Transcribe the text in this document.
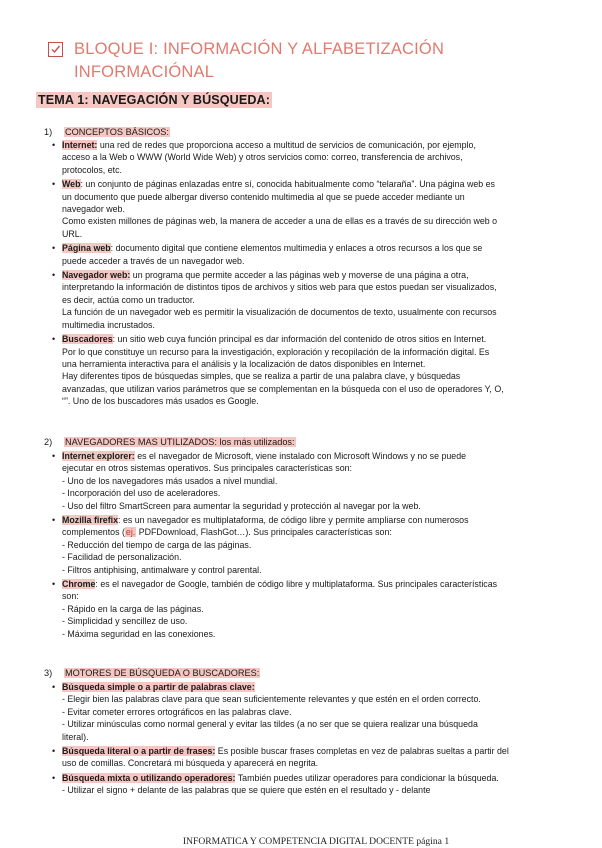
BLOQUE I: INFORMACIÓN Y ALFABETIZACIÓN
INFORMACIÓNAL
TEMA 1: NAVEGACIÓN Y BÚSQUEDA:
1)	CONCEPTOS BÁSICOS:
• Internet: una red de redes que proporciona acceso a multitud de servicios de comunicación, por ejemplo,
acceso a la Web o WWW (World Wide Web) y otros servicios como: correo, transferencia de archivos,
protocolos, etc.
• Web: un conjunto de páginas enlazadas entre sí, conocida habitualmente como “telaraña”. Una página web es
un documento que puede albergar diverso contenido multimedia al que se puede acceder mediante un
navegador web.
Como existen millones de páginas web, la manera de acceder a una de ellas es a través de su dirección web o
URL.
• Página web: documento digital que contiene elementos multimedia y enlaces a otros recursos a los que se
puede acceder a través de un navegador web.
• Navegador web: un programa que permite acceder a las páginas web y moverse de una página a otra,
interpretando la información de distintos tipos de archivos y sitios web para que estos puedan ser visualizados,
es decir, actúa como un traductor.
La función de un navegador web es permitir la visualización de documentos de texto, usualmente con recursos
multimedia incrustados.
• Buscadores: un sitio web cuya función principal es dar información del contenido de otros sitios en Internet.
Por lo que constituye un recurso para la investigación, exploración y recopilación de la información digital. Es
una herramienta interactiva para el análisis y la localización de datos disponibles en Internet.
Hay diferentes tipos de búsquedas simples, que se realiza a partir de una palabra clave, y búsquedas
avanzadas, que utilizan varios parámetros que se complementan en la búsqueda con el uso de operadores Y, O,
“”. Uno de los buscadores más usados es Google.
2)	NAVEGADORES MAS UTILIZADOS: los más utilizados:
• Internet explorer: es el navegador de Microsoft, viene instalado con Microsoft Windows y no se puede
ejecutar en otros sistemas operativos. Sus principales características son:
- Uno de los navegadores más usados a nivel mundial.
- Incorporación del uso de aceleradores.
- Uso del filtro SmartScreen para aumentar la seguridad y protección al navegar por la web.
• Mozilla firefix: es un navegador es multiplataforma, de código libre y permite ampliarse con numerosos
complementos (ej. PDFDownload, FlashGot…). Sus principales características son:
- Reducción del tiempo de carga de las páginas.
- Facilidad de personalización.
- Filtros antiphising, antimalware y control parental.
• Chrome: es el navegador de Google, también de código libre y multiplataforma. Sus principales características
son:
- Rápido en la carga de las páginas.
- Simplicidad y sencillez de uso.
- Máxima seguridad en las conexiones.
3)	MOTORES DE BÚSQUEDA O BUSCADORES:
• Búsqueda simple o a partir de palabras clave:
- Elegir bien las palabras clave para que sean suficientemente relevantes y que estén en el orden correcto.
- Evitar cometer errores ortográficos en las palabras clave.
- Utilizar minúsculas como normal general y evitar las tildes (a no ser que se quiera realizar una búsqueda
literal).
• Búsqueda literal o a partir de frases: Es posible buscar frases completas en vez de palabras sueltas a partir del
uso de comillas. Concretará mi búsqueda y aparecerá en negrita.
• Búsqueda mixta o utilizando operadores: También puedes utilizar operadores para condicionar la búsqueda.
- Utilizar el signo + delante de las palabras que se quiere que estén en el resultado y - delante
INFORMATICA Y COMPETENCIA DIGITAL DOCENTE página 1
